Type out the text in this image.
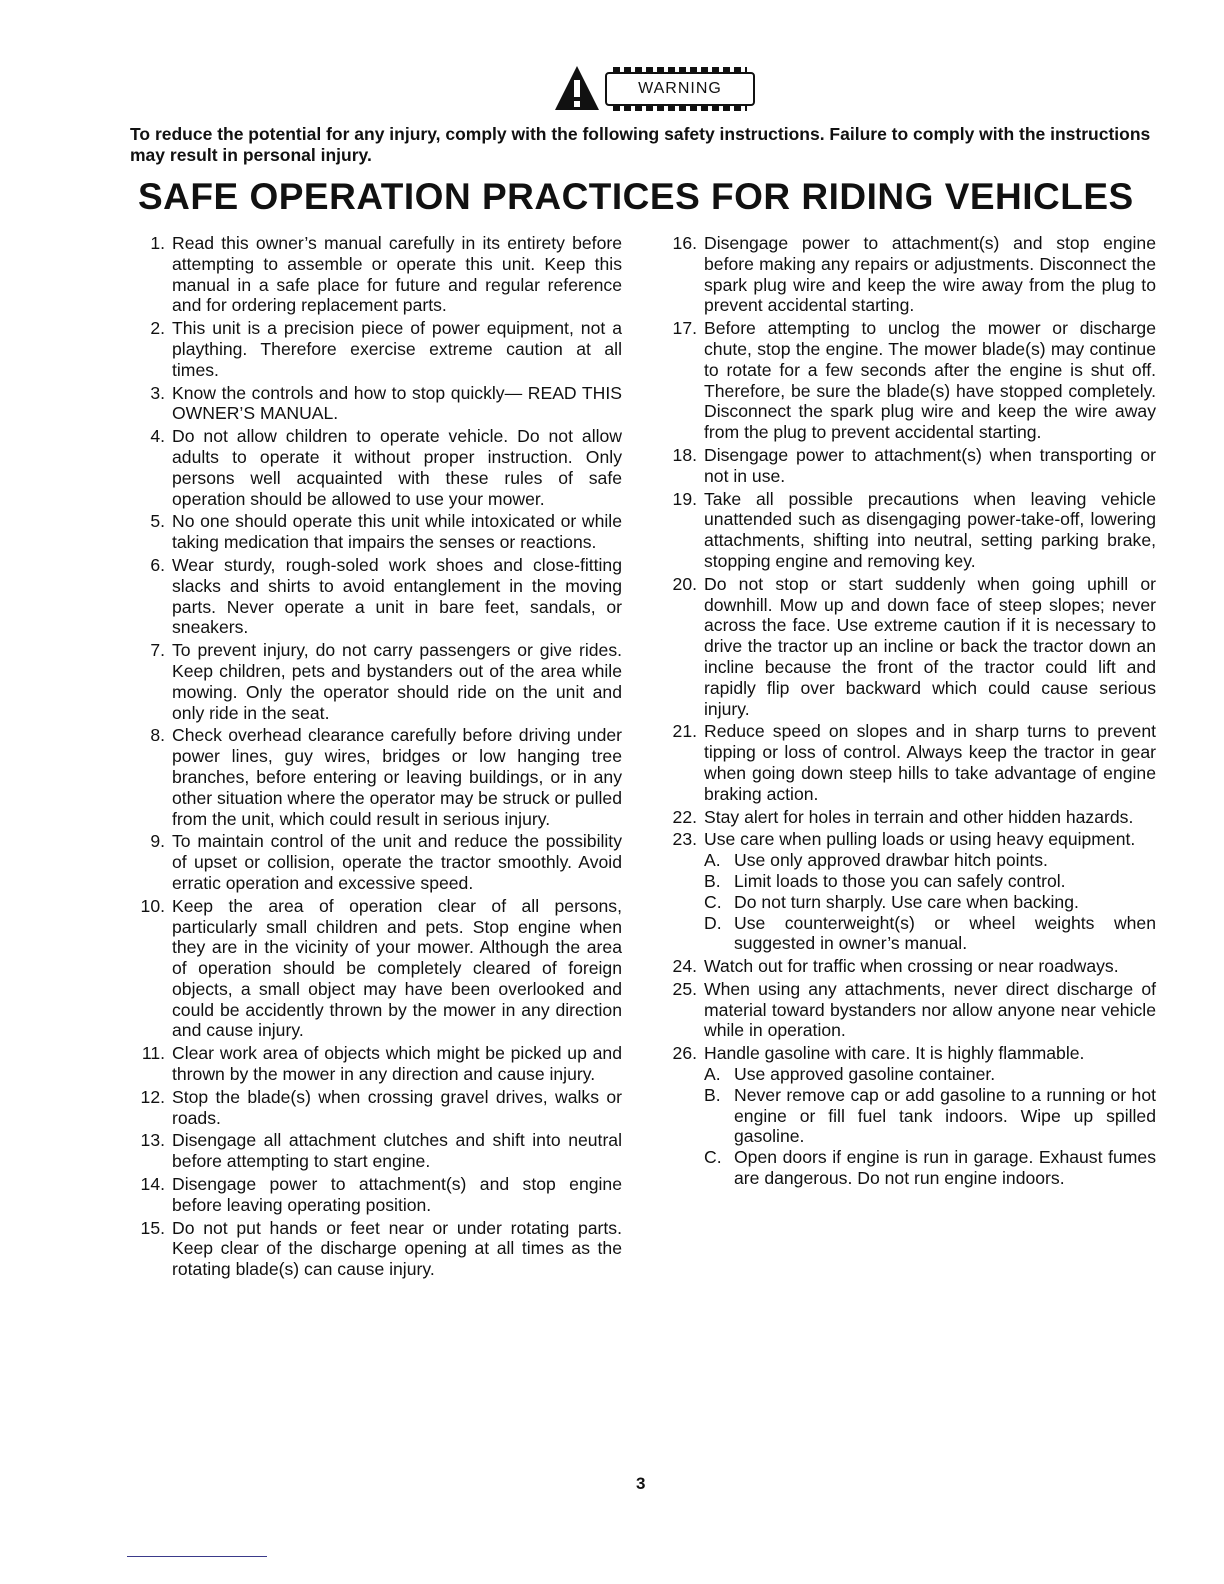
WARNING
To reduce the potential for any injury, comply with the following safety instructions. Failure to comply with the instructions may result in personal injury.
SAFE OPERATION PRACTICES FOR RIDING VEHICLES
1. Read this owner’s manual carefully in its entirety before attempting to assemble or operate this unit. Keep this manual in a safe place for future and regular reference and for ordering replacement parts.
2. This unit is a precision piece of power equipment, not a plaything. Therefore exercise extreme caution at all times.
3. Know the controls and how to stop quickly— READ THIS OWNER’S MANUAL.
4. Do not allow children to operate vehicle. Do not allow adults to operate it without proper instruction. Only persons well acquainted with these rules of safe operation should be allowed to use your mower.
5. No one should operate this unit while intoxicated or while taking medication that impairs the senses or reactions.
6. Wear sturdy, rough-soled work shoes and close-fitting slacks and shirts to avoid entanglement in the moving parts. Never operate a unit in bare feet, sandals, or sneakers.
7. To prevent injury, do not carry passengers or give rides. Keep children, pets and bystanders out of the area while mowing. Only the operator should ride on the unit and only ride in the seat.
8. Check overhead clearance carefully before driving under power lines, guy wires, bridges or low hanging tree branches, before entering or leaving buildings, or in any other situation where the operator may be struck or pulled from the unit, which could result in serious injury.
9. To maintain control of the unit and reduce the possibility of upset or collision, operate the tractor smoothly. Avoid erratic operation and excessive speed.
10. Keep the area of operation clear of all persons, particularly small children and pets. Stop engine when they are in the vicinity of your mower. Although the area of operation should be completely cleared of foreign objects, a small object may have been overlooked and could be accidently thrown by the mower in any direction and cause injury.
11. Clear work area of objects which might be picked up and thrown by the mower in any direction and cause injury.
12. Stop the blade(s) when crossing gravel drives, walks or roads.
13. Disengage all attachment clutches and shift into neutral before attempting to start engine.
14. Disengage power to attachment(s) and stop engine before leaving operating position.
15. Do not put hands or feet near or under rotating parts. Keep clear of the discharge opening at all times as the rotating blade(s) can cause injury.
16. Disengage power to attachment(s) and stop engine before making any repairs or adjustments. Disconnect the spark plug wire and keep the wire away from the plug to prevent accidental starting.
17. Before attempting to unclog the mower or discharge chute, stop the engine. The mower blade(s) may continue to rotate for a few seconds after the engine is shut off. Therefore, be sure the blade(s) have stopped completely. Disconnect the spark plug wire and keep the wire away from the plug to prevent accidental starting.
18. Disengage power to attachment(s) when transporting or not in use.
19. Take all possible precautions when leaving vehicle unattended such as disengaging power-take-off, lowering attachments, shifting into neutral, setting parking brake, stopping engine and removing key.
20. Do not stop or start suddenly when going uphill or downhill. Mow up and down face of steep slopes; never across the face. Use extreme caution if it is necessary to drive the tractor up an incline or back the tractor down an incline because the front of the tractor could lift and rapidly flip over backward which could cause serious injury.
21. Reduce speed on slopes and in sharp turns to prevent tipping or loss of control. Always keep the tractor in gear when going down steep hills to take advantage of engine braking action.
22. Stay alert for holes in terrain and other hidden hazards.
23. Use care when pulling loads or using heavy equipment.
A. Use only approved drawbar hitch points.
B. Limit loads to those you can safely control.
C. Do not turn sharply. Use care when backing.
D. Use counterweight(s) or wheel weights when suggested in owner’s manual.
24. Watch out for traffic when crossing or near roadways.
25. When using any attachments, never direct discharge of material toward bystanders nor allow anyone near vehicle while in operation.
26. Handle gasoline with care. It is highly flammable.
A. Use approved gasoline container.
B. Never remove cap or add gasoline to a running or hot engine or fill fuel tank indoors. Wipe up spilled gasoline.
C. Open doors if engine is run in garage. Exhaust fumes are dangerous. Do not run engine indoors.
3
